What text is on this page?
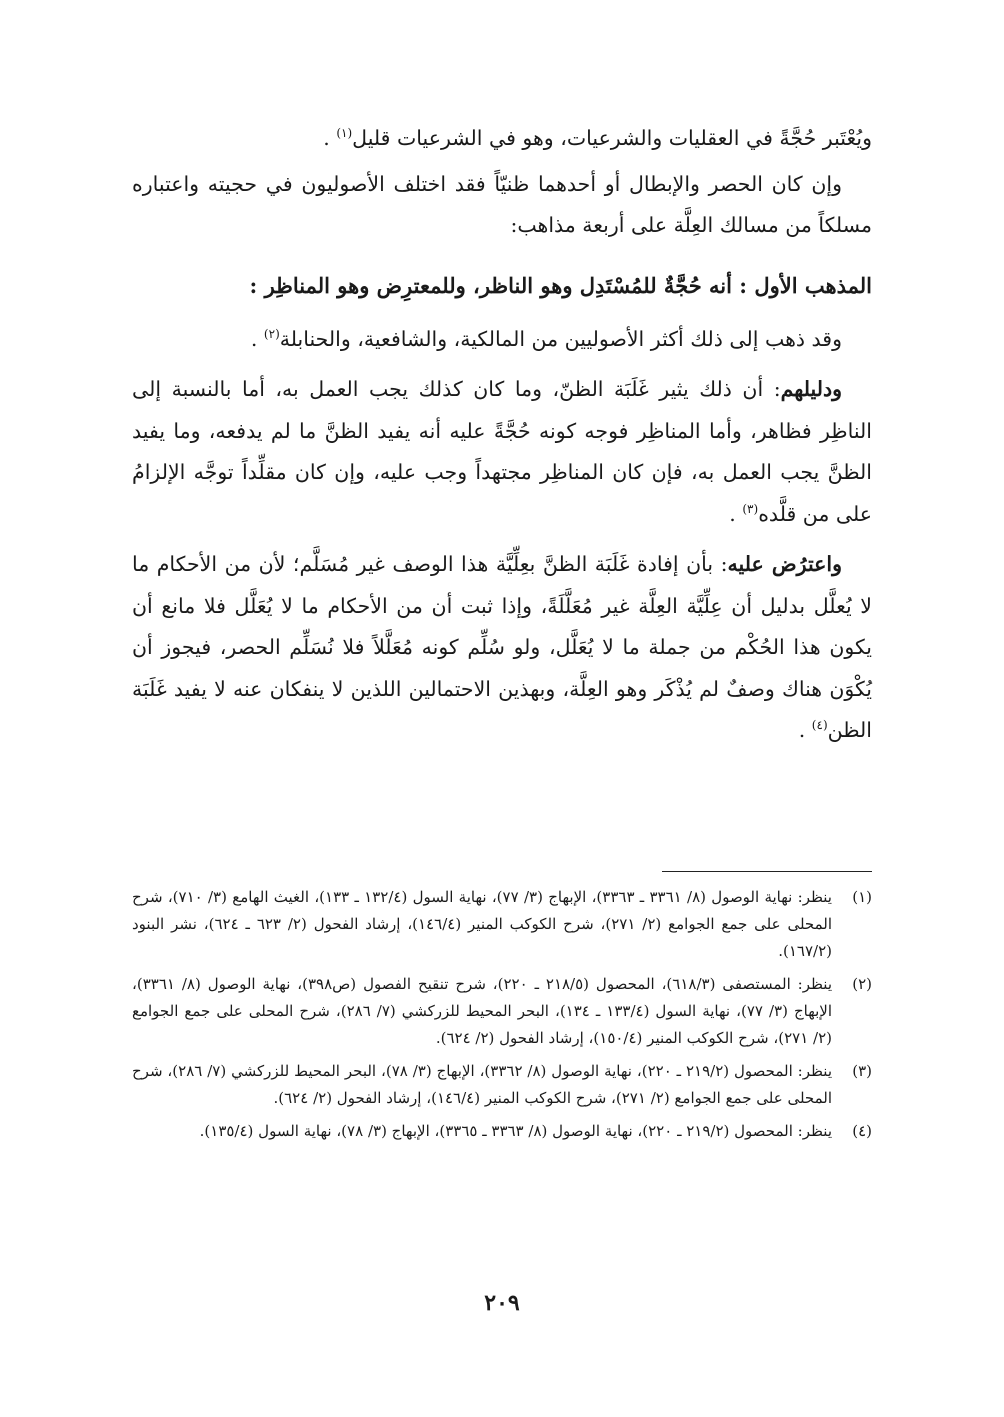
ويُعْتَبر حُجَّةً في العقليات والشرعيات، وهو في الشرعيات قليل$^{(١)}$ .

وإن كان الحصر والإبطال أو أحدهما ظنيّاً فقد اختلف الأصوليون في حجيته واعتباره مسلكاً من مسالك العِلَّة على أربعة مذاهب:

المذهب الأول : أنه حُجَّةٌ للمُسْتَدِل وهو الناظر، وللمعترِض وهو المناظِر :

وقد ذهب إلى ذلك أكثر الأصوليين من المالكية، والشافعية، والحنابلة$^{(٢)}$ .

ودليلهم: أن ذلك يثير غَلَبَة الظنّ، وما كان كذلك يجب العمل به، أما بالنسبة إلى الناظِر فظاهر، وأما المناظِر فوجه كونه حُجَّةً عليه أنه يفيد الظنَّ ما لم يدفعه، وما يفيد الظنَّ يجب العمل به، فإن كان المناظِر مجتهداً وجب عليه، وإن كان مقلِّداً توجَّه الإلزامُ على من قلَّده$^{(٣)}$ .

واعترُض عليه: بأن إفادة غَلَبَة الظنَّ بعِلِّيَّة هذا الوصف غير مُسَلَّم؛ لأن من الأحكام ما لا يُعلَّل بدليل أن عِلِّيَّة العِلَّة غير مُعَلَّلَةً، وإذا ثبت أن من الأحكام ما لا يُعَلَّل فلا مانع أن يكون هذا الحُكْم من جملة ما لا يُعَلَّل، ولو سُلِّم كونه مُعَلَّلاً فلا نُسَلِّم الحصر، فيجوز أن يُكْوَن هناك وصفٌ لم يُذْكَر وهو العِلَّة، وبهذين الاحتمالين اللذين لا ينفكان عنه لا يفيد غَلَبَة الظن$^{(٤)}$ .

(١)
ينظر: نهاية الوصول (٨/ ٣٣٦١ ـ ٣٣٦٣)، الإبهاج (٣/ ٧٧)، نهاية السول (١٣٢/٤ ـ ١٣٣)، الغيث الهامع (٣/ ٧١٠)، شرح المحلى على جمع الجوامع (٢/ ٢٧١)، شرح الكوكب المنير (١٤٦/٤)، إرشاد الفحول (٢/ ٦٢٣ ـ ٦٢٤)، نشر البنود (١٦٧/٢).
(٢)
ينظر: المستصفى (٦١٨/٣)، المحصول (٢١٨/٥ ـ ٢٢٠)، شرح تنقيح الفصول (ص٣٩٨)، نهاية الوصول (٨/ ٣٣٦١)، الإبهاج (٣/ ٧٧)، نهاية السول (١٣٣/٤ ـ ١٣٤)، البحر المحيط للزركشي (٧/ ٢٨٦)، شرح المحلى على جمع الجوامع (٢/ ٢٧١)، شرح الكوكب المنير (١٥٠/٤)، إرشاد الفحول (٢/ ٦٢٤).
(٣)
ينظر: المحصول (٢١٩/٢ ـ ٢٢٠)، نهاية الوصول (٨/ ٣٣٦٢)، الإبهاج (٣/ ٧٨)، البحر المحيط للزركشي (٧/ ٢٨٦)، شرح المحلى على جمع الجوامع (٢/ ٢٧١)، شرح الكوكب المنير (١٤٦/٤)، إرشاد الفحول (٢/ ٦٢٤).
(٤)
ينظر: المحصول (٢١٩/٢ ـ ٢٢٠)، نهاية الوصول (٨/ ٣٣٦٣ ـ ٣٣٦٥)، الإبهاج (٣/ ٧٨)، نهاية السول (١٣٥/٤).
٢٠٩
